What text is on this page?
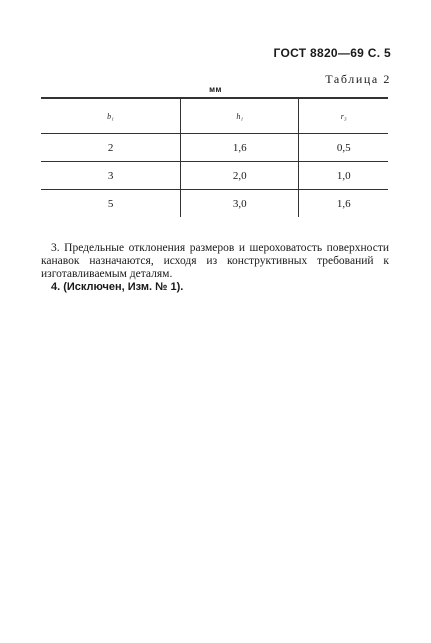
ГОСТ 8820—69 С. 5
Таблица 2
мм
b₁	h₁	r₃
2	1,6	0,5
3	2,0	1,0
5	3,0	1,6

3. Предельные отклонения размеров и шероховатость поверхности канавок назначаются, исходя из конструктивных требований к изготавливаемым деталям.

4. (Исключен, Изм. № 1).
